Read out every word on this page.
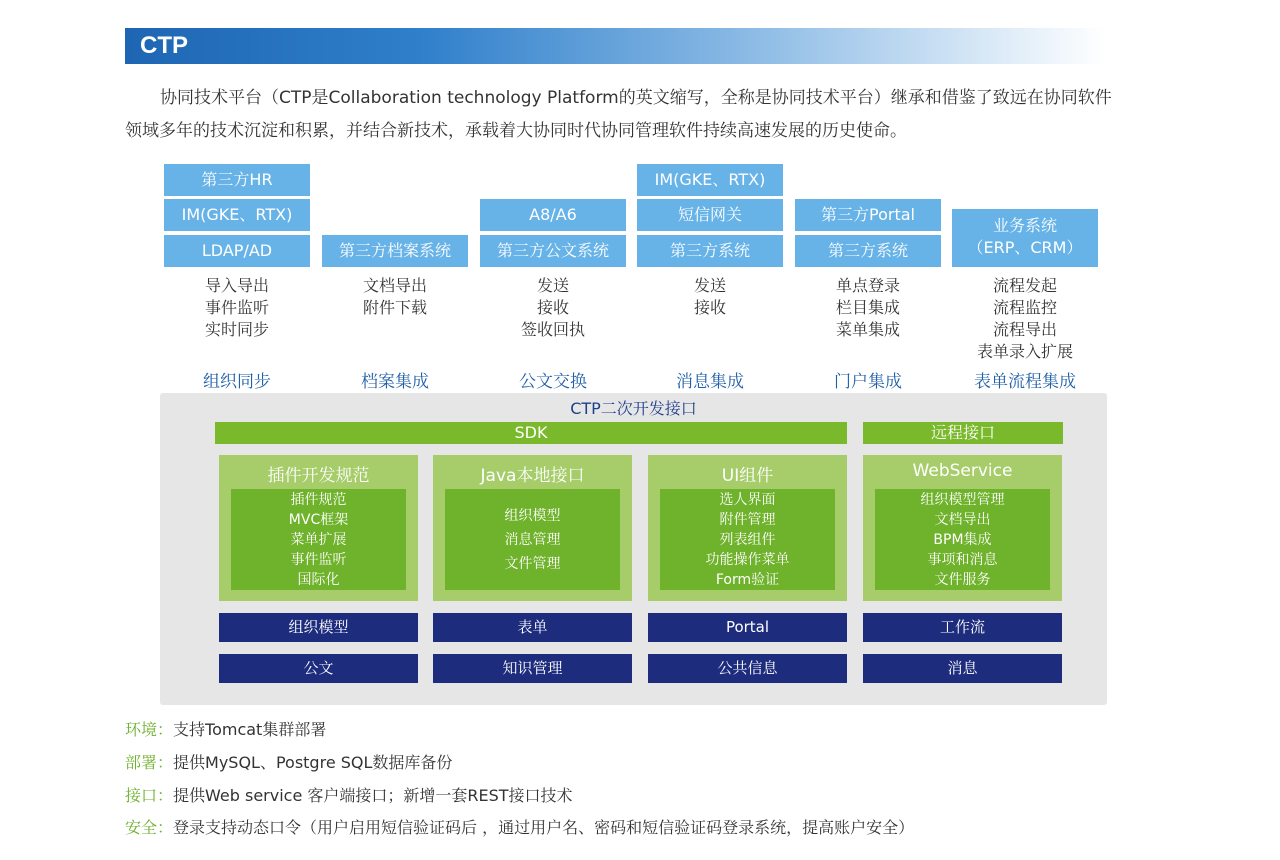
CTP
协同技术平台（CTP是Collaboration technology Platform的英文缩写，全称是协同技术平台）继承和借鉴了致远在协同软件
领域多年的技术沉淀和积累，并结合新技术，承载着大协同时代协同管理软件持续高速发展的历史使命。
第三方HR
IM(GKE、RTX)
LDAP/AD
导入导出
事件监听
实时同步
组织同步
第三方档案系统
文档导出
附件下载
档案集成
A8/A6
第三方公文系统
发送
接收
签收回执
公文交换
IM(GKE、RTX)
短信网关
第三方系统
发送
接收
消息集成
第三方Portal
第三方系统
单点登录
栏目集成
菜单集成
门户集成
业务系统
（ERP、CRM）
流程发起
流程监控
流程导出
表单录入扩展
表单流程集成
CTP二次开发接口
SDK	远程接口
插件开发规范
插件规范
MVC框架
菜单扩展
事件监听
国际化
Java本地接口
组织模型
消息管理
文件管理
UI组件
选人界面
附件管理
列表组件
功能操作菜单
Form验证
WebService
组织模型管理
文档导出
BPM集成
事项和消息
文件服务
组织模型	表单	Portal	工作流
公文	知识管理	公共信息	消息
环境：支持Tomcat集群部署
部署：提供MySQL、Postgre SQL数据库备份
接口：提供Web service 客户端接口；新增一套REST接口技术
安全：登录支持动态口令（用户启用短信验证码后 ，通过用户名、密码和短信验证码登录系统，提高账户安全）
